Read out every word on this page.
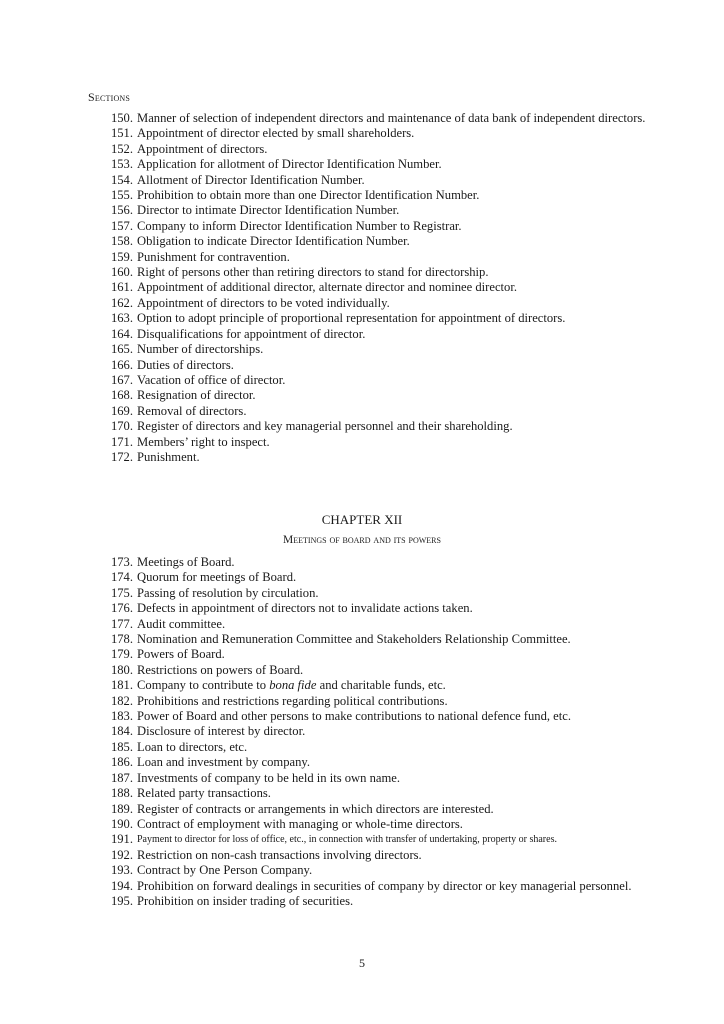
Sections
150. Manner of selection of independent directors and maintenance of data bank of independent directors.
151. Appointment of director elected by small shareholders.
152. Appointment of directors.
153. Application for allotment of Director Identification Number.
154. Allotment of Director Identification Number.
155. Prohibition to obtain more than one Director Identification Number.
156. Director to intimate Director Identification Number.
157. Company to inform Director Identification Number to Registrar.
158. Obligation to indicate Director Identification Number.
159. Punishment for contravention.
160. Right of persons other than retiring directors to stand for directorship.
161. Appointment of additional director, alternate director and nominee director.
162. Appointment of directors to be voted individually.
163. Option to adopt principle of proportional representation for appointment of directors.
164. Disqualifications for appointment of director.
165. Number of directorships.
166. Duties of directors.
167. Vacation of office of director.
168. Resignation of director.
169. Removal of directors.
170. Register of directors and key managerial personnel and their shareholding.
171. Members’ right to inspect.
172. Punishment.
CHAPTER XII
Meetings of board and its powers
173. Meetings of Board.
174. Quorum for meetings of Board.
175. Passing of resolution by circulation.
176. Defects in appointment of directors not to invalidate actions taken.
177. Audit committee.
178. Nomination and Remuneration Committee and Stakeholders Relationship Committee.
179. Powers of Board.
180. Restrictions on powers of Board.
181. Company to contribute to bona fide and charitable funds, etc.
182. Prohibitions and restrictions regarding political contributions.
183. Power of Board and other persons to make contributions to national defence fund, etc.
184. Disclosure of interest by director.
185. Loan to directors, etc.
186. Loan and investment by company.
187. Investments of company to be held in its own name.
188. Related party transactions.
189. Register of contracts or arrangements in which directors are interested.
190. Contract of employment with managing or whole-time directors.
191. Payment to director for loss of office, etc., in connection with transfer of undertaking, property or shares.
192. Restriction on non-cash transactions involving directors.
193. Contract by One Person Company.
194. Prohibition on forward dealings in securities of company by director or key managerial personnel.
195. Prohibition on insider trading of securities.
5
